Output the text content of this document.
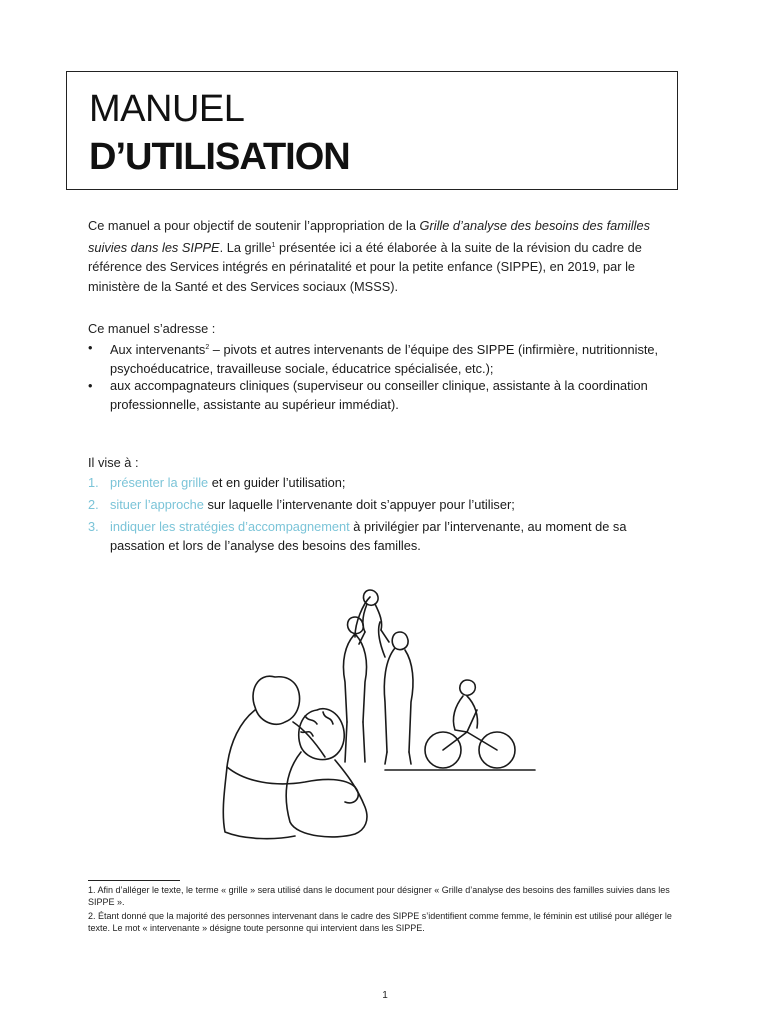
MANUEL
D’UTILISATION
Ce manuel a pour objectif de soutenir l’appropriation de la Grille d’analyse des besoins des familles suivies dans les SIPPE. La grille$^1$ présentée ici a été élaborée à la suite de la révision du cadre de référence des Services intégrés en périnatalité et pour la petite enfance (SIPPE), en 2019, par le ministère de la Santé et des Services sociaux (MSSS).
Ce manuel s’adresse :
• Aux intervenants$^2$ – pivots et autres intervenants de l’équipe des SIPPE (infirmière, nutritionniste, psychoéducatrice, travailleuse sociale, éducatrice spécialisée, etc.);
• aux accompagnateurs cliniques (superviseur ou conseiller clinique, assistante à la coordination professionnelle, assistante au supérieur immédiat).
Il vise à :
1. présenter la grille et en guider l’utilisation;
2. situer l’approche sur laquelle l’intervenante doit s’appuyer pour l’utiliser;
3. indiquer les stratégies d’accompagnement à privilégier par l’intervenante, au moment de sa passation et lors de l’analyse des besoins des familles.
1. Afin d’alléger le texte, le terme « grille » sera utilisé dans le document pour désigner « Grille d’analyse des besoins des familles suivies dans les SIPPE ».
2. Étant donné que la majorité des personnes intervenant dans le cadre des SIPPE s’identifient comme femme, le féminin est utilisé pour alléger le texte. Le mot « intervenante » désigne toute personne qui intervient dans les SIPPE.
1
